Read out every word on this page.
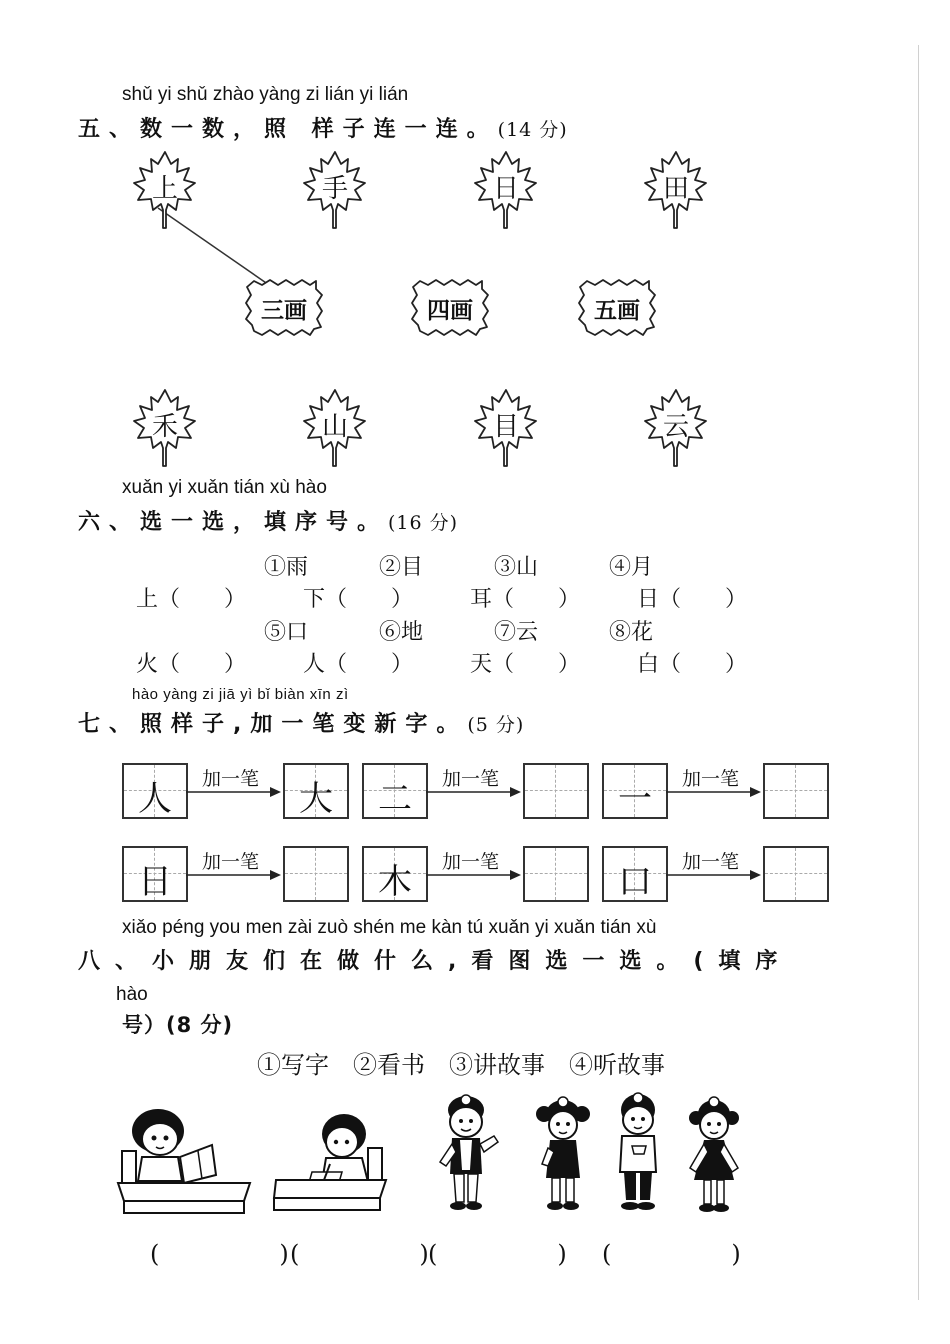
shǔ yi shǔ zhào yàng zi lián yi lián
五、数一数，照 样子连一连。(14 分)
上	手	日	田
三画	四画	五画
禾	山	目	云
xuǎn yi xuǎn tián xù hào
六、选一选，填序号。(16 分)
①雨	②目	③山	④月
上（　　）	下（　　）	耳（　　）	日（　　）
⑤口	⑥地	⑦云	⑧花
火（　　）	人（　　）	天（　　）	白（　　）
hào yàng zi jiā yì bǐ biàn xīn zì
七、照样子,加一笔变新字。(5 分)
人	加一笔	大	二	加一笔	一	加一笔
日	加一笔	木	加一笔	口	加一笔
xiǎo péng you men zài zuò shén me kàn tú xuǎn yi xuǎn tián xù
八、小朋友们在做什么,看图选一选。(填序
hào
号）(8 分)
①写字　②看书　③讲故事　④听故事
(　)
(　)
(　)
(　)
